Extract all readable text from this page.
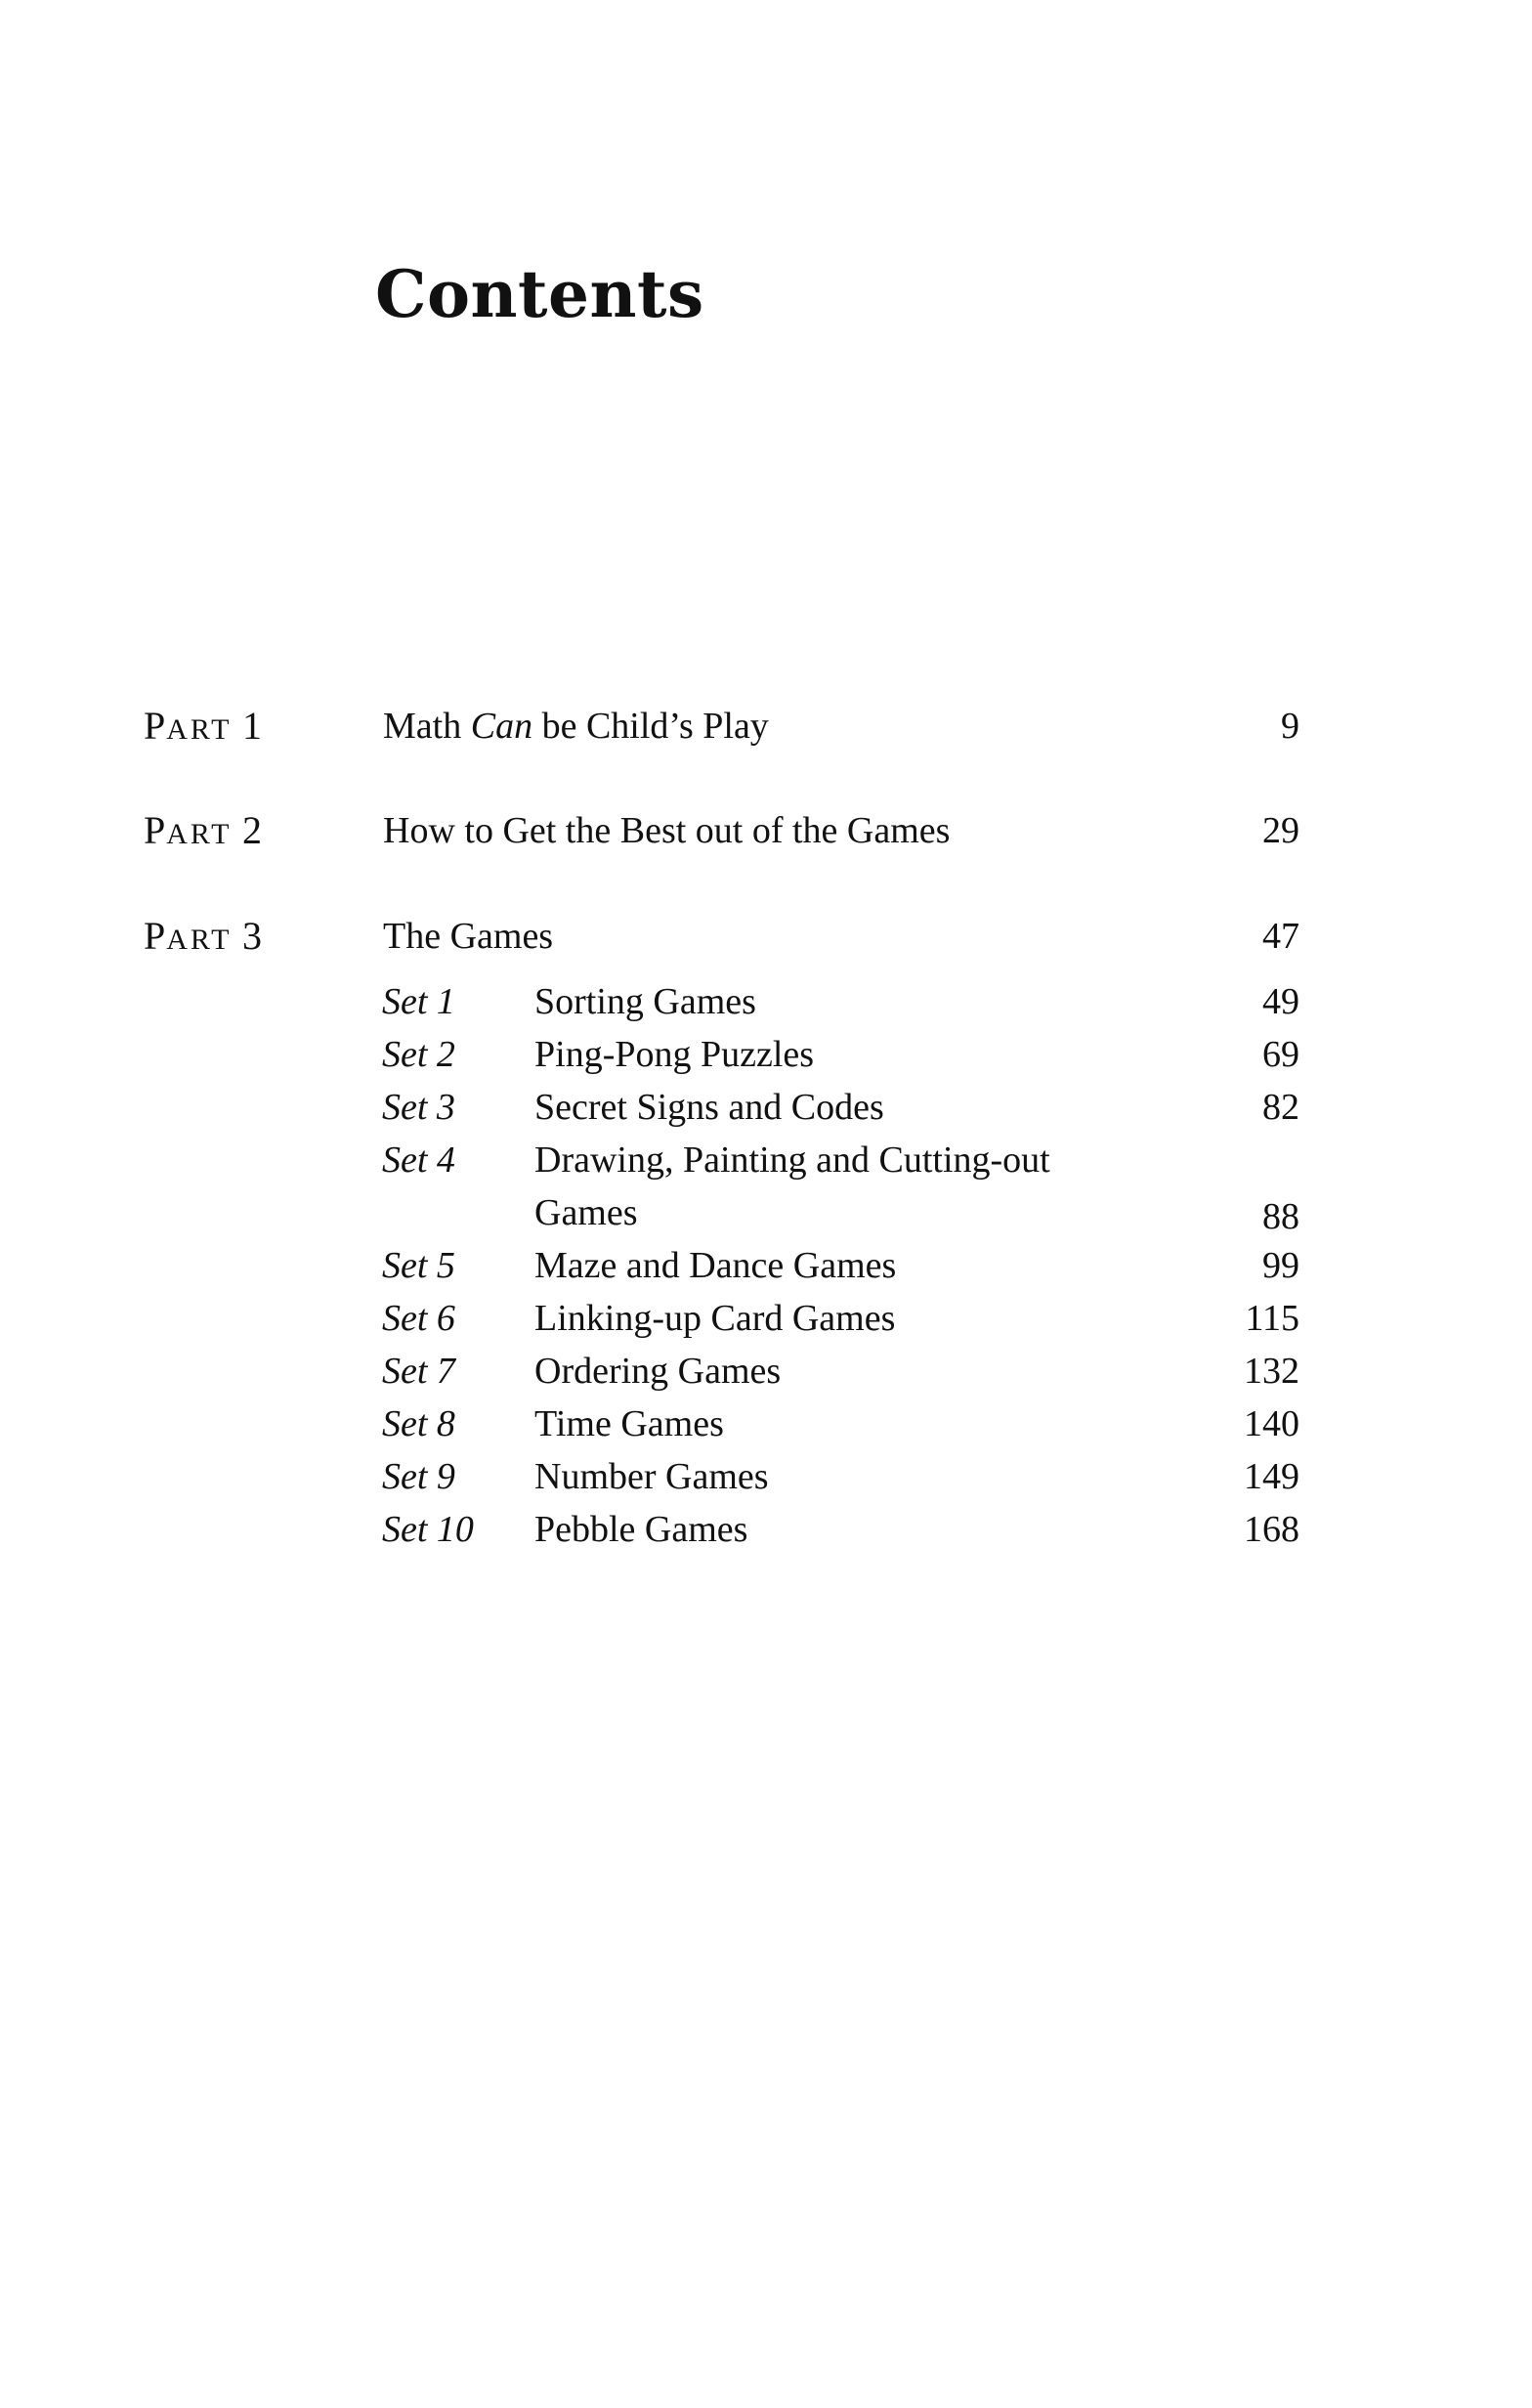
Contents
PART 1	Math Can be Child’s Play	9
PART 2	How to Get the Best out of the Games	29
PART 3	The Games	47
Set 1 Sorting Games	49
Set 2 Ping-Pong Puzzles	69
Set 3 Secret Signs and Codes	82
Set 4 Drawing, Painting and Cutting-out
Games	88
Set 5 Maze and Dance Games	99
Set 6 Linking-up Card Games	115
Set 7 Ordering Games	132
Set 8 Time Games	140
Set 9 Number Games	149
Set 10 Pebble Games	168
